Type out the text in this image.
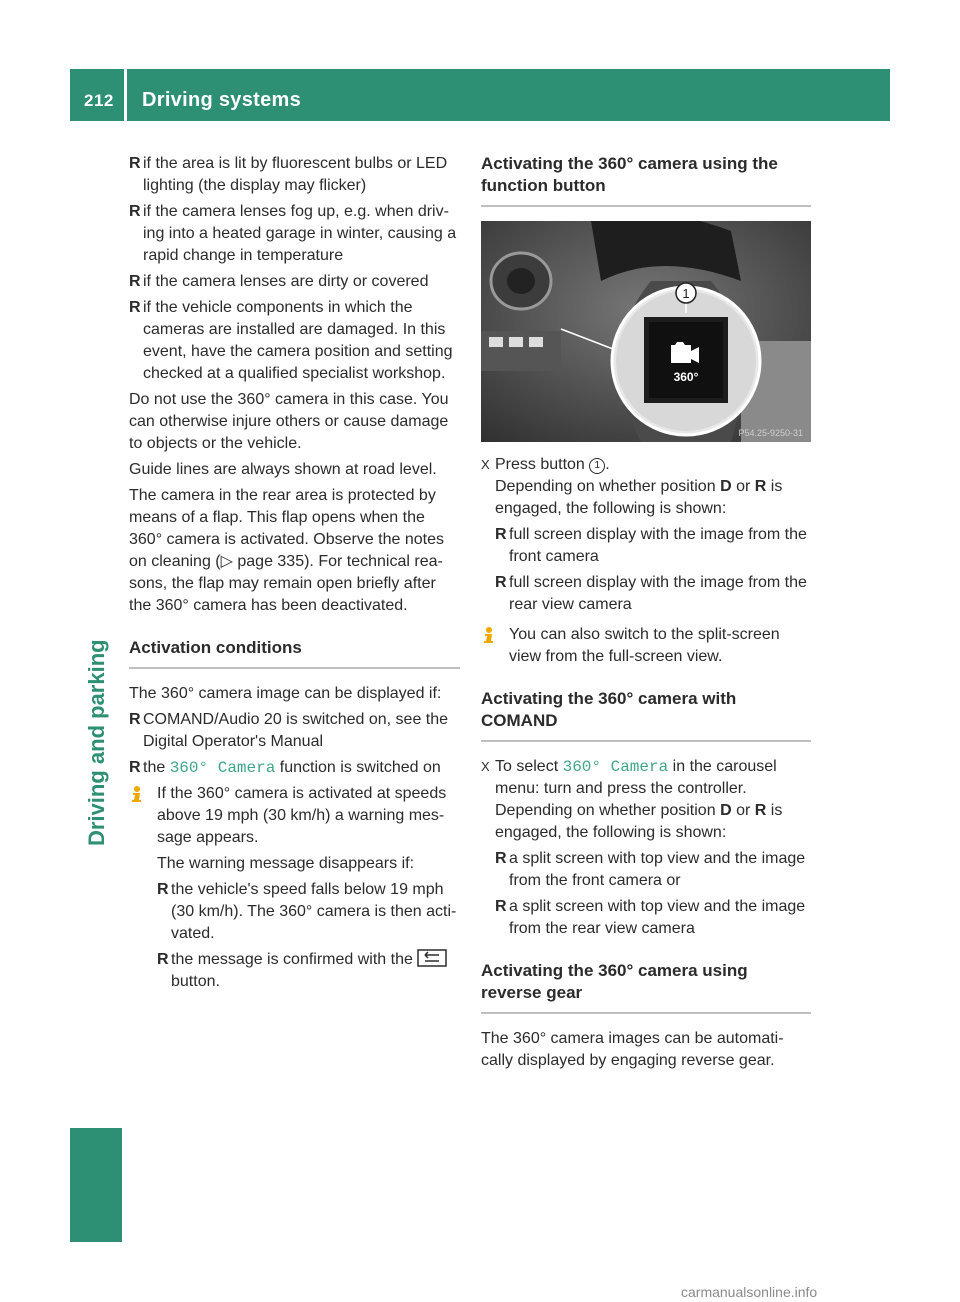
212 Driving systems
Driving and parking
R if the area is lit by fluorescent bulbs or LED lighting (the display may flicker)
R if the camera lenses fog up, e.g. when driv-ing into a heated garage in winter, causing a rapid change in temperature
R if the camera lenses are dirty or covered
R if the vehicle components in which the cameras are installed are damaged. In this event, have the camera position and setting checked at a qualified specialist workshop.

Do not use the 360° camera in this case. You can otherwise injure others or cause damage to objects or the vehicle.

Guide lines are always shown at road level.

The camera in the rear area is protected by means of a flap. This flap opens when the 360° camera is activated. Observe the notes on cleaning (▷ page 335). For technical rea-sons, the flap may remain open briefly after the 360° camera has been deactivated.

Activation conditions

The 360° camera image can be displayed if:

R COMAND/Audio 20 is switched on, see the Digital Operator's Manual
R the 360° Camera function is switched on
If the 360° camera is activated at speeds above 19 mph (30 km/h) a warning mes-sage appears.
The warning message disappears if:
R the vehicle's speed falls below 19 mph (30 km/h). The 360° camera is then acti-vated.
R the message is confirmed with the
button.
Activating the 360° camera using the function button
360°
1
P54.25-9250-31
X Press button 1 .
Depending on whether position D or R is engaged, the following is shown:
R full screen display with the image from the front camera
R full screen display with the image from the rear view camera
You can also switch to the split-screen view from the full-screen view.
Activating the 360° camera with COMAND
X To select 360° Camera in the carousel menu: turn and press the controller.
Depending on whether position D or R is engaged, the following is shown:
R a split screen with top view and the image from the front camera or
R a split screen with top view and the image from the rear view camera
Activating the 360° camera using reverse gear

The 360° camera images can be automati-cally displayed by engaging reverse gear.

carmanualsonline.info
